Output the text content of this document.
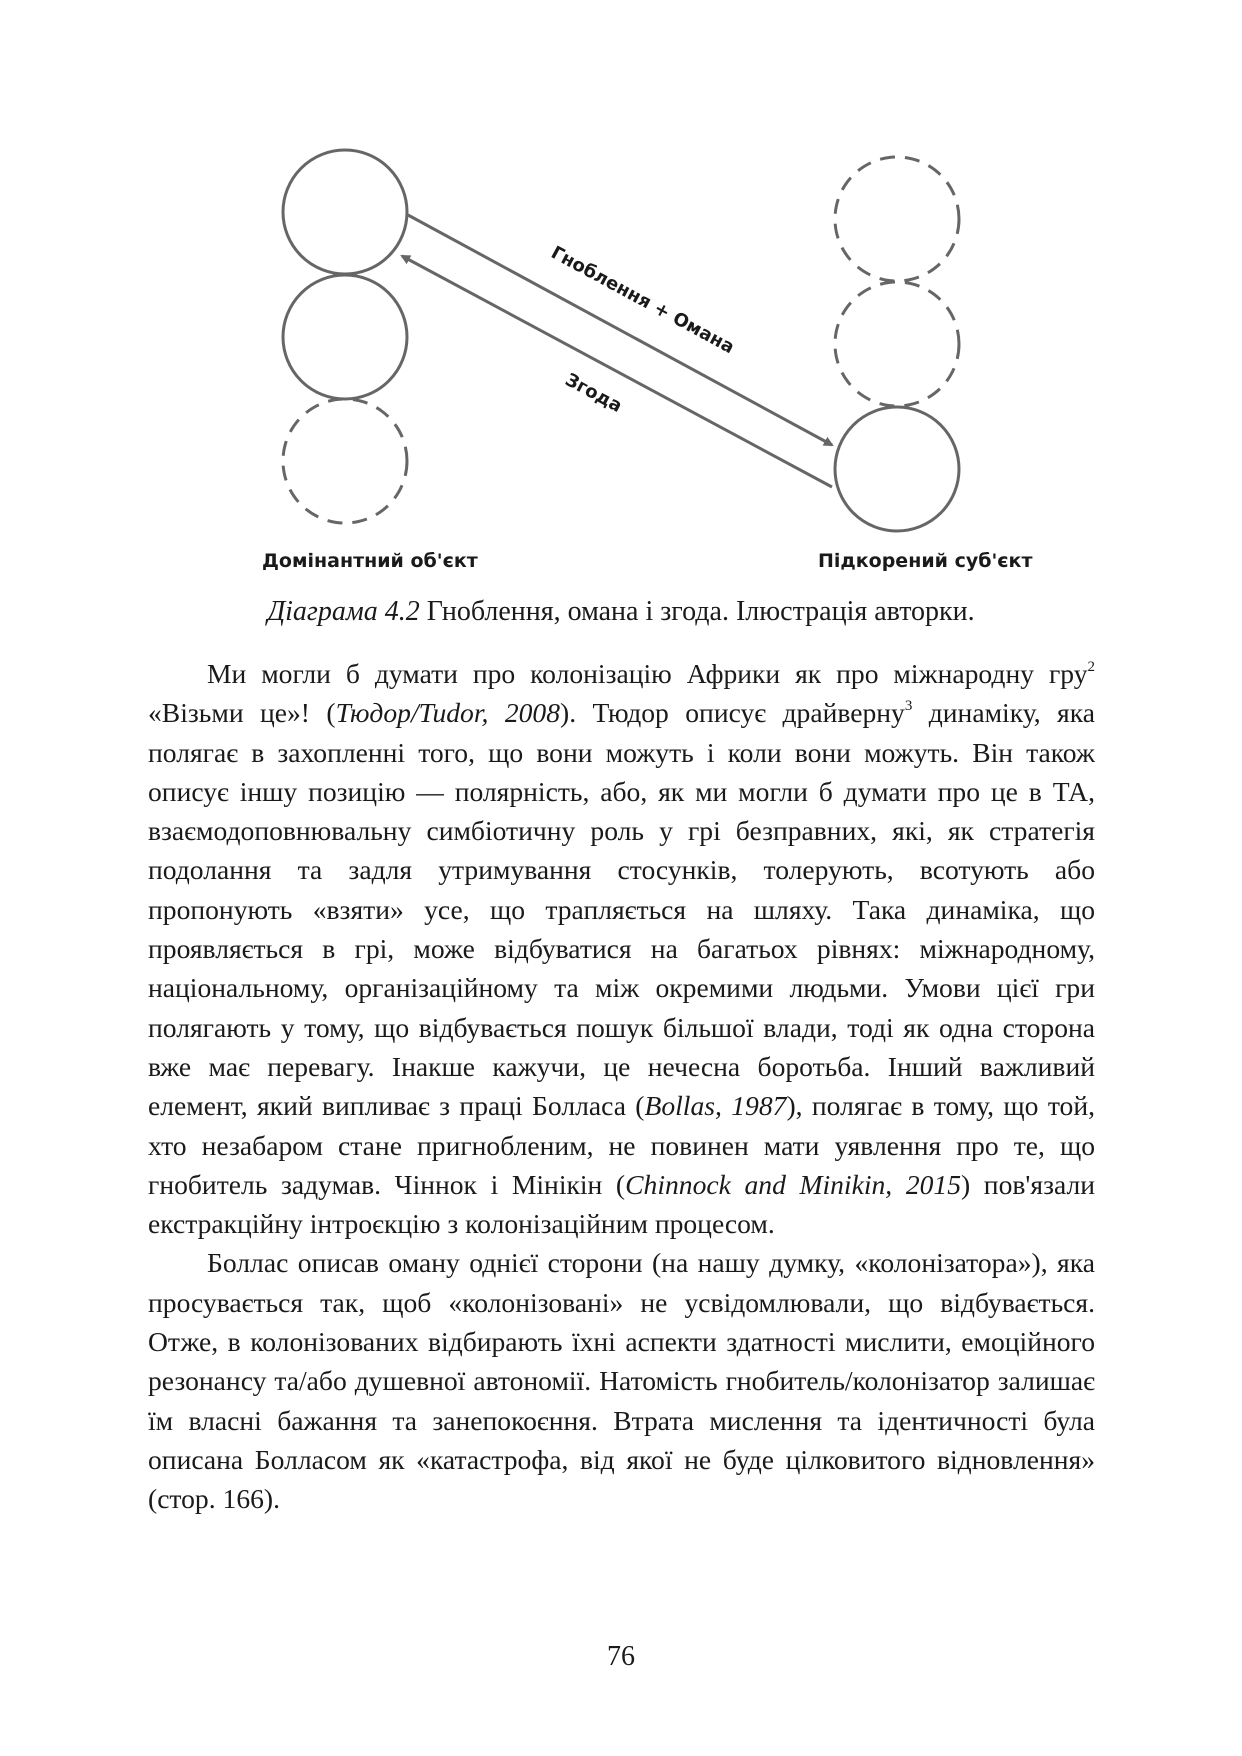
Гноблення + Омана
Згода
Домінантний об'єкт	Підкорений суб'єкт
Діаграма 4.2 Гноблення, омана і згода. Ілюстрація авторки.

Ми могли б думати про колонізацію Африки як про міжнародну гру$^2$ «Візьми це»! (Тюдор/Tudor, 2008). Тюдор описує драйверну$^3$ динаміку, яка полягає в захопленні того, що вони можуть і коли вони можуть. Він також описує іншу позицію — полярність, або, як ми могли б думати про це в ТА, взаємодоповнювальну симбіотичну роль у грі безправних, які, як стратегія подолання та задля утримування стосунків, толерують, всотують або пропонують «взяти» усе, що трапляється на шляху. Така динаміка, що проявляється в грі, може відбуватися на багатьох рівнях: міжнародному, національному, організаційному та між окремими людьми. Умови цієї гри полягають у тому, що відбувається пошук більшої влади, тоді як одна сторона вже має перевагу. Інакше кажучи, це нечесна боротьба. Інший важливий елемент, який випливає з праці Болласа (Bollas, 1987), полягає в тому, що той, хто незабаром стане пригнобленим, не повинен мати уявлення про те, що гнобитель задумав. Чіннок і Мінікін (Chinnock and Minikin, 2015) пов'язали екстракційну інтроєкцію з колонізаційним процесом.

Боллас описав оману однієї сторони (на нашу думку, «колонізатора»), яка просувається так, щоб «колонізовані» не усвідомлювали, що відбувається. Отже, в колонізованих відбирають їхні аспекти здатності мислити, емоційного резонансу та/або душевної автономії. Натомість гнобитель/колонізатор залишає їм власні бажання та занепокоєння. Втрата мислення та ідентичності була описана Болласом як «катастрофа, від якої не буде цілковитого відновлення» (стор. 166).

76
